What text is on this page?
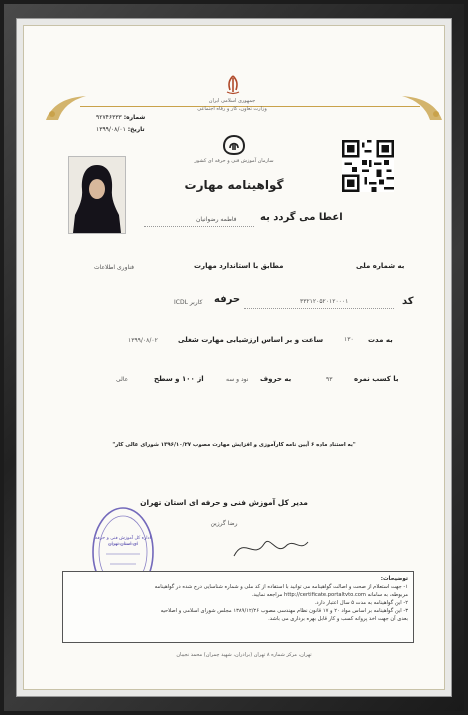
جمهوری اسلامی ایران
وزارت تعاون، کار و رفاه اجتماعی
شماره: ۹۲۷۴۶۳۳۳
تاریخ: ۱۳۹۹/۰۸/۰۱
سازمان آموزش فنی و حرفه ای کشور
گواهینامه مهارت
اعطا می گردد به
فاطمه رضوانیان
به شماره ملی
مطابق با استاندارد مهارت
فناوری اطلاعات
کد
۳۳۲۱۲۰۵۲۰۱۲۰۰۰۱
حرفه
کاربر ICDL
به مدت
۱۳۰
ساعت و بر اساس ارزشیابی مهارت شغلی
۱۳۹۹/۰۸/۰۲
با کسب نمره
۹۳
به حروف
نود و سه
از ۱۰۰ و سطح
عالی
"به استناد ماده ۶ آیین نامه کارآموزی و افزایش مهارت مصوب ۱۳۹۶/۱۰/۲۷ شورای عالی کار"
مدیر کل آموزش فنی و حرفه ای استان تهران
رضا گرزین
اداره کل آموزش فنی و حرفه ای استان تهران
توضیحات:
۱- جهت استعلام از صحت و اصالت گواهینامه می توانید با استفاده از کد ملی و شماره شناسایی درج شده در گواهینامه
مربوطه، به سامانه http://certificate.portaltvto.com مراجعه نمایید.
۲- این گواهینامه به مدت ۵ سال اعتبار دارد.
۳- این گواهینامه بر اساس مواد ۲۰ و ۱۷ قانون نظام مهندسی مصوب ۱۳۸۹/۱۲/۲۶ مجلس شورای اسلامی و اصلاحیه
بعدی آن جهت اخذ پروانه کسب و کار قابل بهره برداری می باشد.
تهران، مرکز شماره ۸ تهران (برادران، شهید چمران) محمد نجیبان
